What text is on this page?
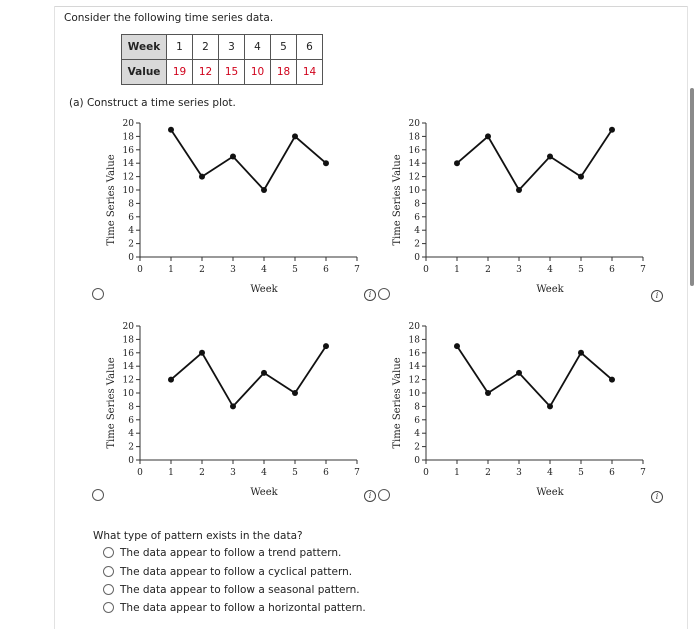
Consider the following time series data.
Week	1	2	3	4	5	6
Value	19	12	15	10	18	14
(a) Construct a time series plot.
0	1	2	3	4	5	6	7
0
2
4
6
8
10
12
14
16
18
20
Week
Time Series Value
0	1	2	3	4	5	6	7
0
2
4
6
8
10
12
14
16
18
20
Week
Time Series Value
0	1	2	3	4	5	6	7
0
2
4
6
8
10
12
14
16
18
20
Week
Time Series Value
0	1	2	3	4	5	6	7
0
2
4
6
8
10
12
14
16
18
20
Week
Time Series Value
i	i
i	i
What type of pattern exists in the data?
The data appear to follow a trend pattern.
The data appear to follow a cyclical pattern.
The data appear to follow a seasonal pattern.
The data appear to follow a horizontal pattern.
